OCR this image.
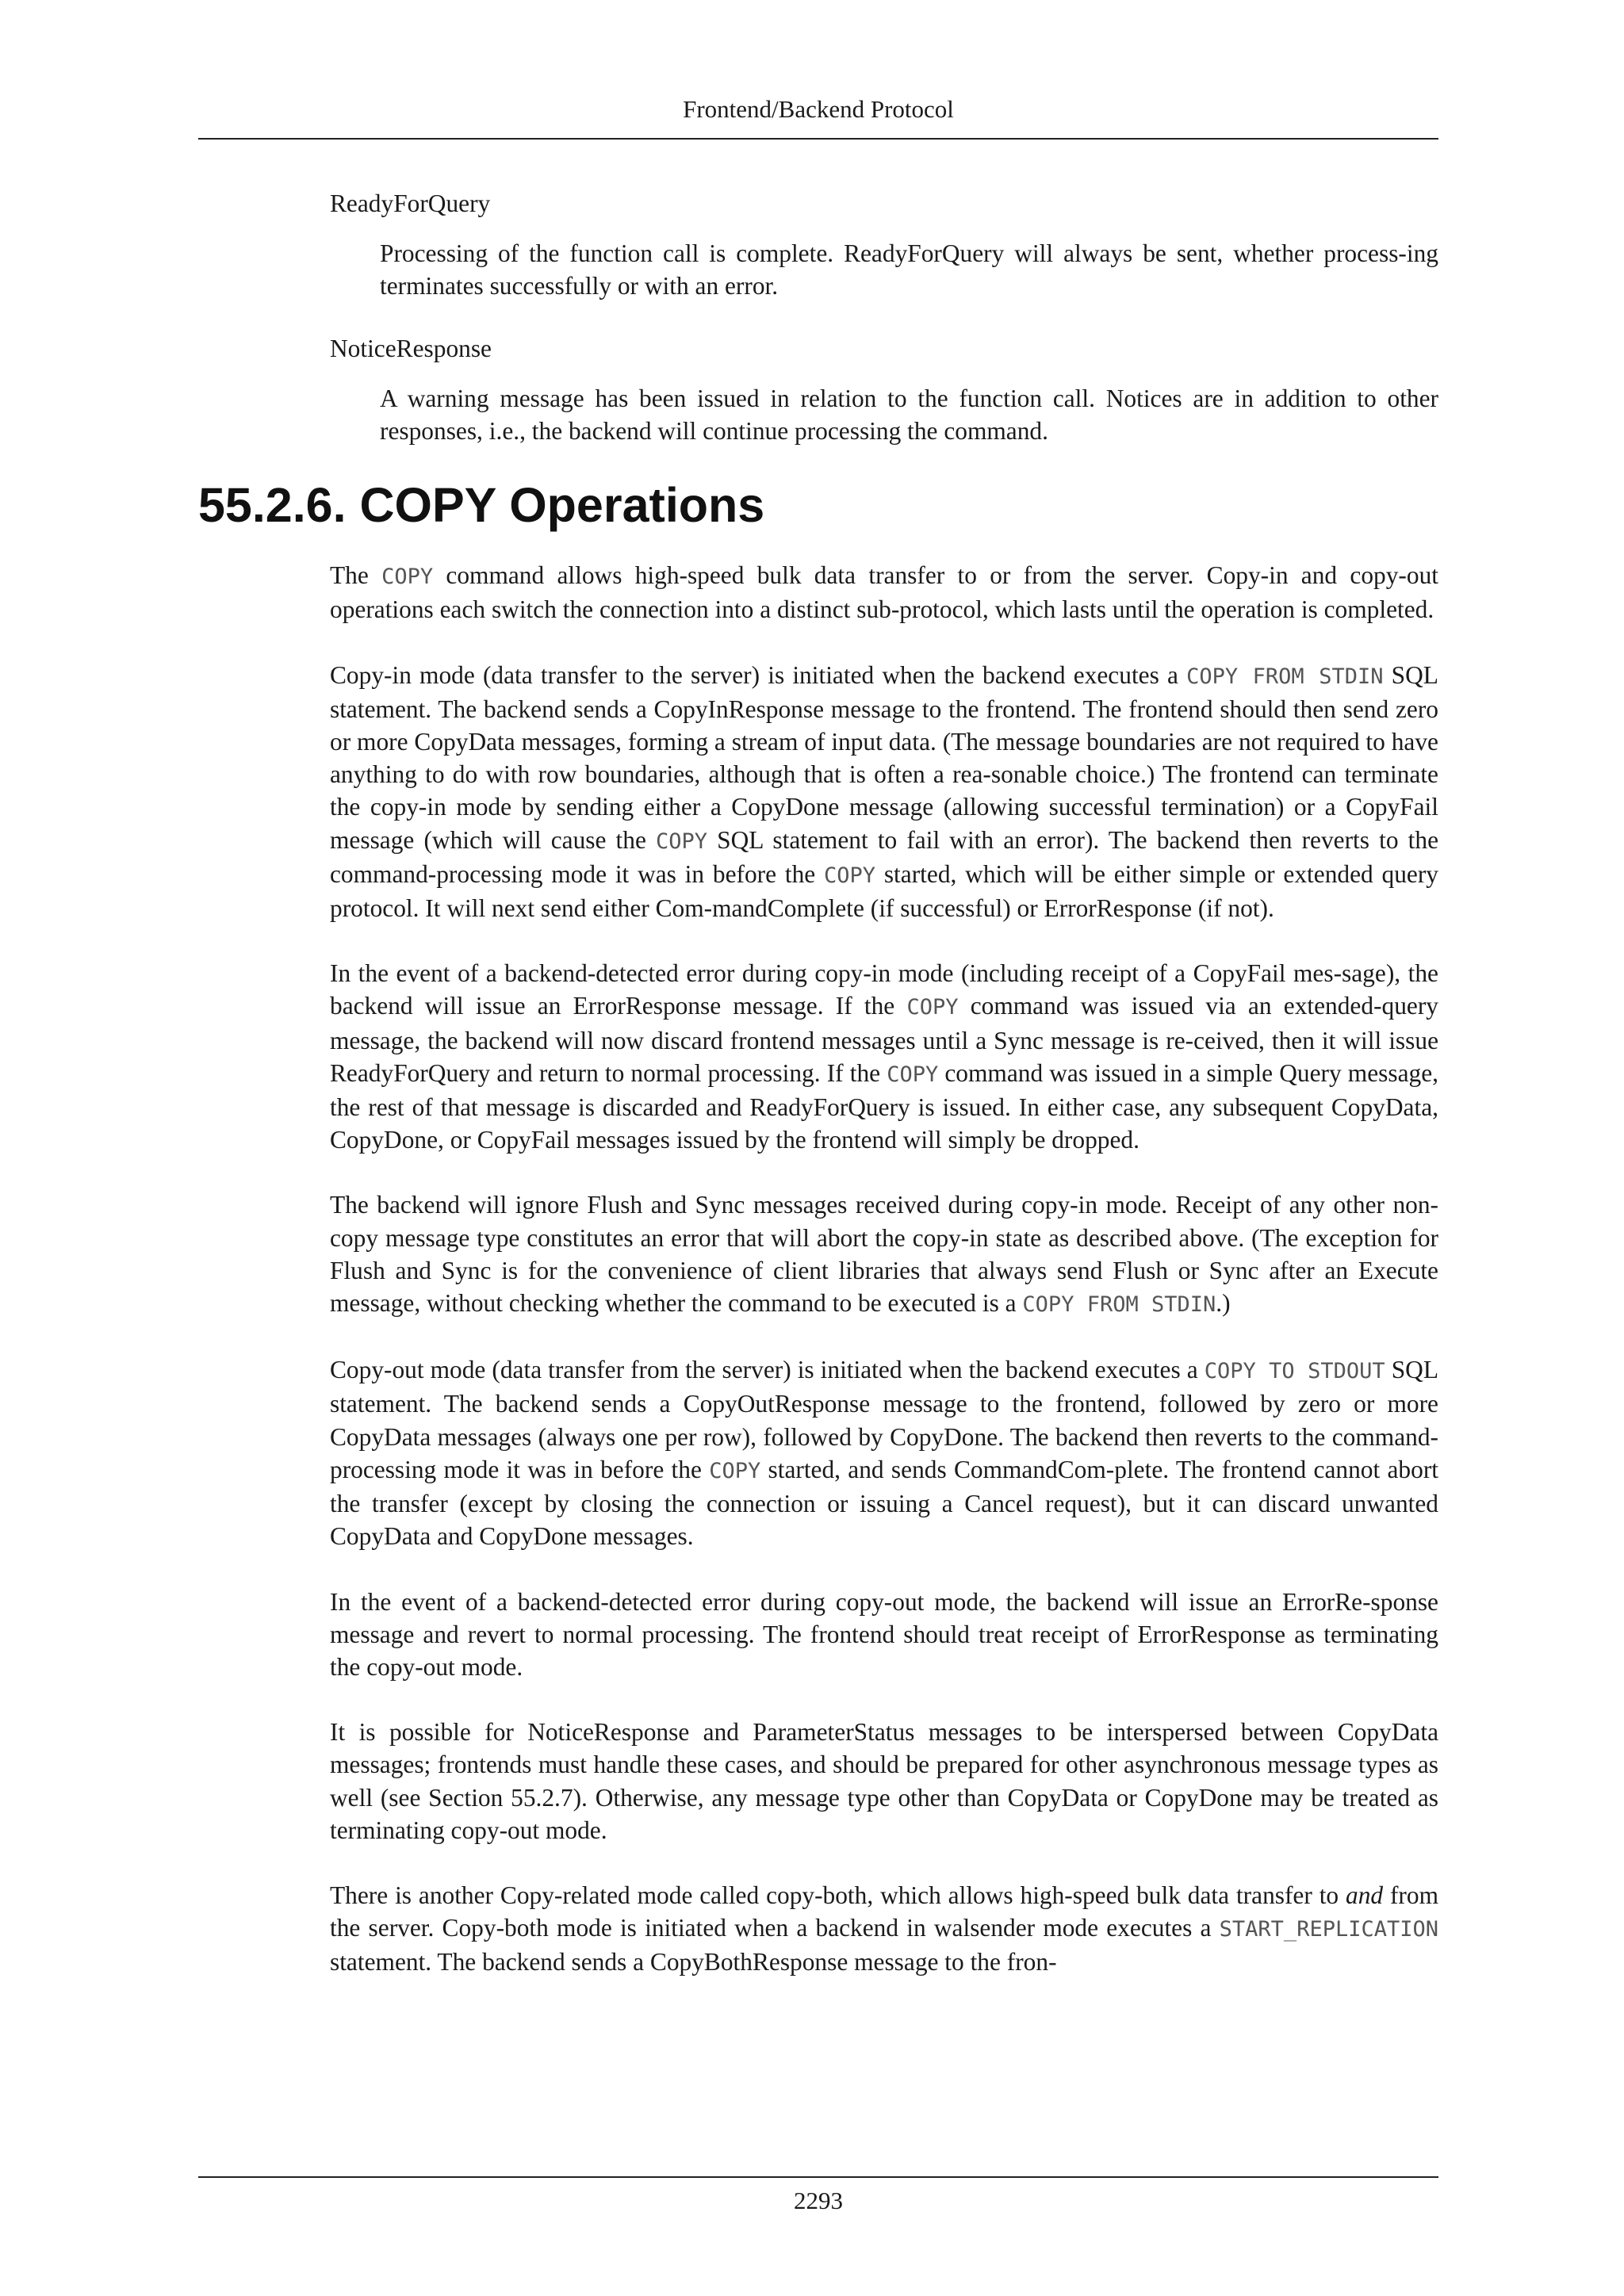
Frontend/Backend Protocol
ReadyForQuery
Processing of the function call is complete. ReadyForQuery will always be sent, whether process-ing terminates successfully or with an error.
NoticeResponse
A warning message has been issued in relation to the function call. Notices are in addition to other responses, i.e., the backend will continue processing the command.
55.2.6. COPY Operations

The COPY command allows high-speed bulk data transfer to or from the server. Copy-in and copy-out operations each switch the connection into a distinct sub-protocol, which lasts until the operation is completed.

Copy-in mode (data transfer to the server) is initiated when the backend executes a COPY FROM STDIN SQL statement. The backend sends a CopyInResponse message to the frontend. The frontend should then send zero or more CopyData messages, forming a stream of input data. (The message boundaries are not required to have anything to do with row boundaries, although that is often a rea-sonable choice.) The frontend can terminate the copy-in mode by sending either a CopyDone message (allowing successful termination) or a CopyFail message (which will cause the COPY SQL statement to fail with an error). The backend then reverts to the command-processing mode it was in before the COPY started, which will be either simple or extended query protocol. It will next send either Com-mandComplete (if successful) or ErrorResponse (if not).

In the event of a backend-detected error during copy-in mode (including receipt of a CopyFail mes-sage), the backend will issue an ErrorResponse message. If the COPY command was issued via an extended-query message, the backend will now discard frontend messages until a Sync message is re-ceived, then it will issue ReadyForQuery and return to normal processing. If the COPY command was issued in a simple Query message, the rest of that message is discarded and ReadyForQuery is issued. In either case, any subsequent CopyData, CopyDone, or CopyFail messages issued by the frontend will simply be dropped.

The backend will ignore Flush and Sync messages received during copy-in mode. Receipt of any other non-copy message type constitutes an error that will abort the copy-in state as described above. (The exception for Flush and Sync is for the convenience of client libraries that always send Flush or Sync after an Execute message, without checking whether the command to be executed is a COPY FROM STDIN.)

Copy-out mode (data transfer from the server) is initiated when the backend executes a COPY TO STDOUT SQL statement. The backend sends a CopyOutResponse message to the frontend, followed by zero or more CopyData messages (always one per row), followed by CopyDone. The backend then reverts to the command-processing mode it was in before the COPY started, and sends CommandCom-plete. The frontend cannot abort the transfer (except by closing the connection or issuing a Cancel request), but it can discard unwanted CopyData and CopyDone messages.

In the event of a backend-detected error during copy-out mode, the backend will issue an ErrorRe-sponse message and revert to normal processing. The frontend should treat receipt of ErrorResponse as terminating the copy-out mode.

It is possible for NoticeResponse and ParameterStatus messages to be interspersed between CopyData messages; frontends must handle these cases, and should be prepared for other asynchronous message types as well (see Section 55.2.7). Otherwise, any message type other than CopyData or CopyDone may be treated as terminating copy-out mode.

There is another Copy-related mode called copy-both, which allows high-speed bulk data transfer to and from the server. Copy-both mode is initiated when a backend in walsender mode executes a START_REPLICATION statement. The backend sends a CopyBothResponse message to the fron-

2293
